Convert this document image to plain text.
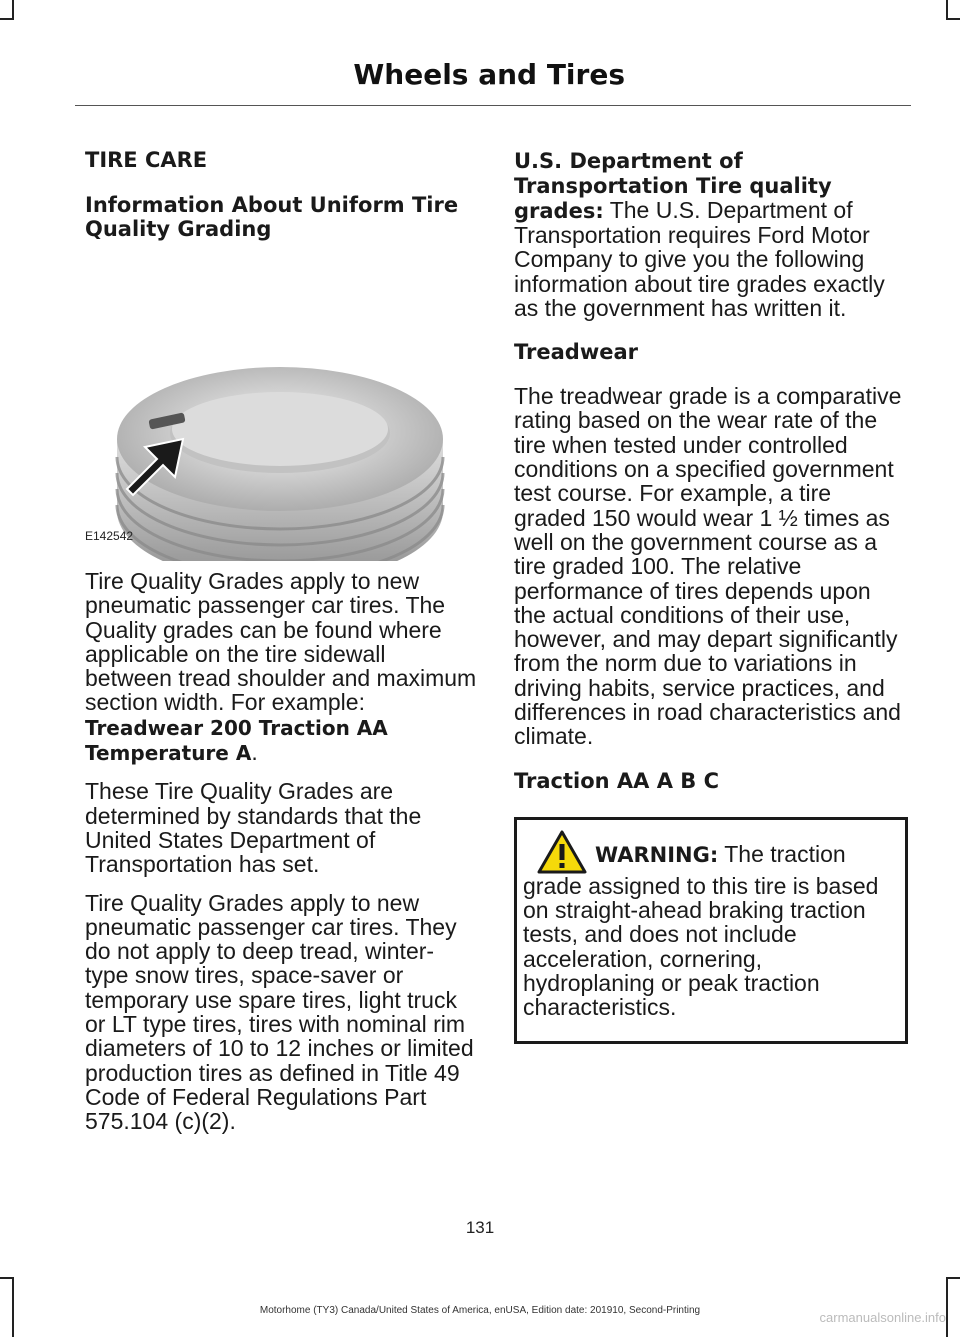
Wheels and Tires
TIRE CARE
Information About Uniform Tire Quality Grading
E142542

Tire Quality Grades apply to new pneumatic passenger car tires. The Quality grades can be found where applicable on the tire sidewall between tread shoulder and maximum section width. For example: Treadwear 200 Traction AA Temperature A.

These Tire Quality Grades are determined by standards that the United States Department of Transportation has set.

Tire Quality Grades apply to new pneumatic passenger car tires. They do not apply to deep tread, winter-type snow tires, space-saver or temporary use spare tires, light truck or LT type tires, tires with nominal rim diameters of 10 to 12 inches or limited production tires as defined in Title 49 Code of Federal Regulations Part 575.104 (c)(2).

U.S. Department of Transportation Tire quality grades: The U.S. Department of Transportation requires Ford Motor Company to give you the following information about tire grades exactly as the government has written it.

Treadwear

The treadwear grade is a comparative rating based on the wear rate of the tire when tested under controlled conditions on a specified government test course. For example, a tire graded 150 would wear 1 ½ times as well on the government course as a tire graded 100. The relative performance of tires depends upon the actual conditions of their use, however, and may depart significantly from the norm due to variations in driving habits, service practices, and differences in road characteristics and climate.

Traction AA A B C
WARNING: The traction grade assigned to this tire is based on straight-ahead braking traction tests, and does not include acceleration, cornering, hydroplaning or peak traction characteristics.
131
Motorhome (TY3) Canada/United States of America, enUSA, Edition date: 201910, Second-Printing	carmanualsonline.info
